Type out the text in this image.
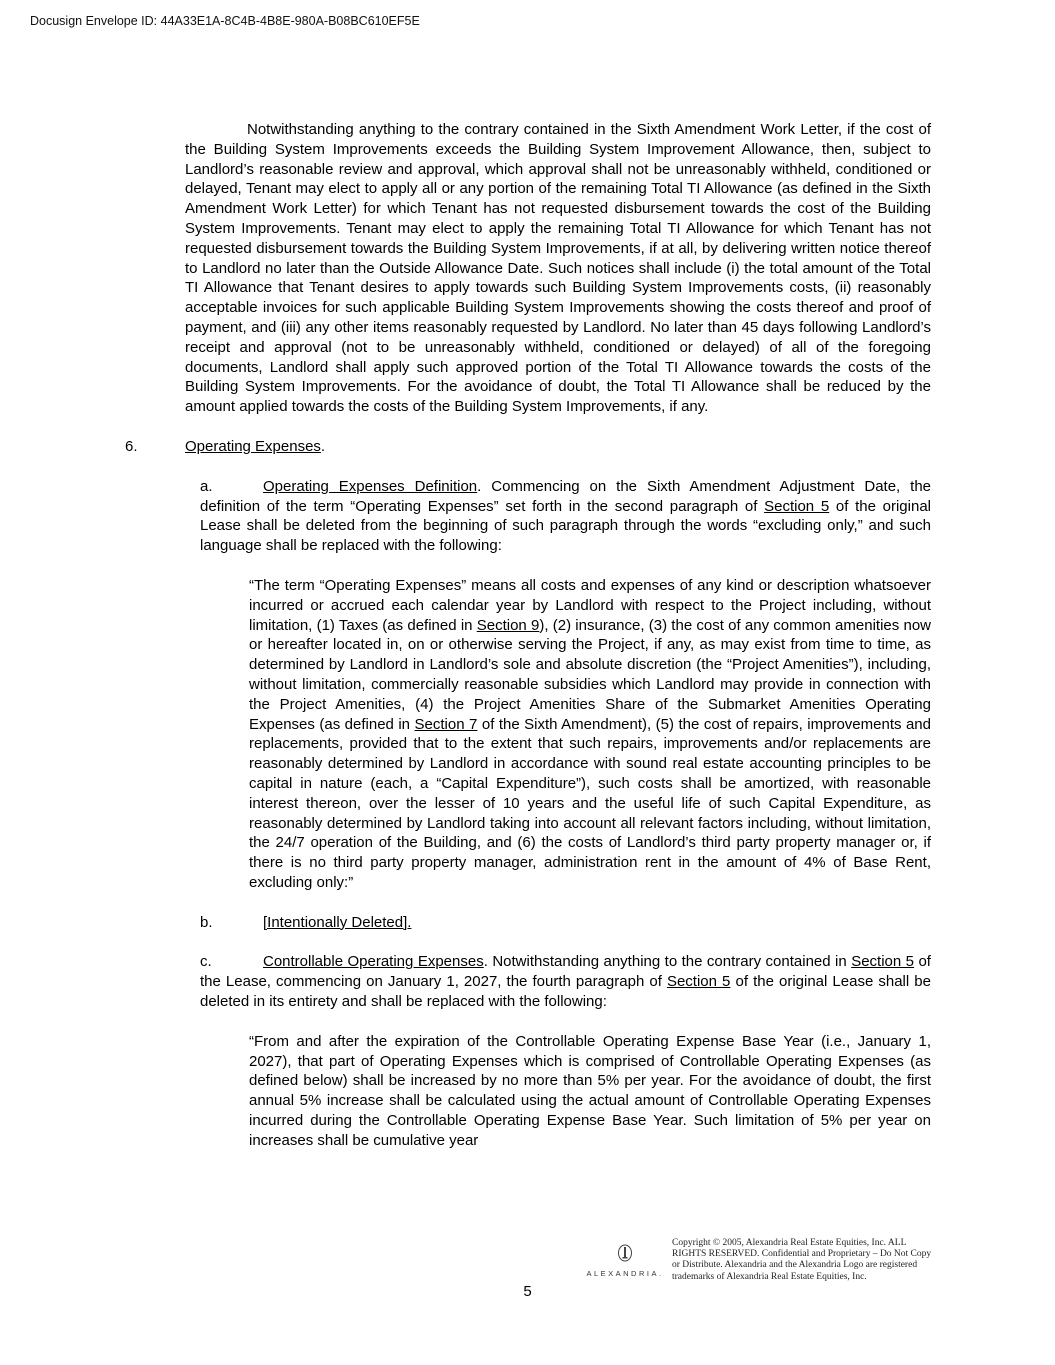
Docusign Envelope ID: 44A33E1A-8C4B-4B8E-980A-B08BC610EF5E

Notwithstanding anything to the contrary contained in the Sixth Amendment Work Letter, if the cost of the Building System Improvements exceeds the Building System Improvement Allowance, then, subject to Landlord’s reasonable review and approval, which approval shall not be unreasonably withheld, conditioned or delayed, Tenant may elect to apply all or any portion of the remaining Total TI Allowance (as defined in the Sixth Amendment Work Letter) for which Tenant has not requested disbursement towards the cost of the Building System Improvements. Tenant may elect to apply the remaining Total TI Allowance for which Tenant has not requested disbursement towards the Building System Improvements, if at all, by delivering written notice thereof to Landlord no later than the Outside Allowance Date. Such notices shall include (i) the total amount of the Total TI Allowance that Tenant desires to apply towards such Building System Improvements costs, (ii) reasonably acceptable invoices for such applicable Building System Improvements showing the costs thereof and proof of payment, and (iii) any other items reasonably requested by Landlord. No later than 45 days following Landlord’s receipt and approval (not to be unreasonably withheld, conditioned or delayed) of all of the foregoing documents, Landlord shall apply such approved portion of the Total TI Allowance towards the costs of the Building System Improvements. For the avoidance of doubt, the Total TI Allowance shall be reduced by the amount applied towards the costs of the Building System Improvements, if any.

6.	Operating Expenses.

a.	Operating Expenses Definition. Commencing on the Sixth Amendment Adjustment Date, the definition of the term “Operating Expenses” set forth in the second paragraph of Section 5 of the original Lease shall be deleted from the beginning of such paragraph through the words “excluding only,” and such language shall be replaced with the following:

“The term “Operating Expenses” means all costs and expenses of any kind or description whatsoever incurred or accrued each calendar year by Landlord with respect to the Project including, without limitation, (1) Taxes (as defined in Section 9), (2) insurance, (3) the cost of any common amenities now or hereafter located in, on or otherwise serving the Project, if any, as may exist from time to time, as determined by Landlord in Landlord’s sole and absolute discretion (the “Project Amenities”), including, without limitation, commercially reasonable subsidies which Landlord may provide in connection with the Project Amenities, (4) the Project Amenities Share of the Submarket Amenities Operating Expenses (as defined in Section 7 of the Sixth Amendment), (5) the cost of repairs, improvements and replacements, provided that to the extent that such repairs, improvements and/or replacements are reasonably determined by Landlord in accordance with sound real estate accounting principles to be capital in nature (each, a “Capital Expenditure”), such costs shall be amortized, with reasonable interest thereon, over the lesser of 10 years and the useful life of such Capital Expenditure, as reasonably determined by Landlord taking into account all relevant factors including, without limitation, the 24/7 operation of the Building, and (6) the costs of Landlord’s third party property manager or, if there is no third party property manager, administration rent in the amount of 4% of Base Rent, excluding only:”

b.	[Intentionally Deleted].

c.	Controllable Operating Expenses. Notwithstanding anything to the contrary contained in Section 5 of the Lease, commencing on January 1, 2027, the fourth paragraph of Section 5 of the original Lease shall be deleted in its entirety and shall be replaced with the following:

“From and after the expiration of the Controllable Operating Expense Base Year (i.e., January 1, 2027), that part of Operating Expenses which is comprised of Controllable Operating Expenses (as defined below) shall be increased by no more than 5% per year. For the avoidance of doubt, the first annual 5% increase shall be calculated using the actual amount of Controllable Operating Expenses incurred during the Controllable Operating Expense Base Year. Such limitation of 5% per year on increases shall be cumulative year

ALEXANDRIA.
Copyright © 2005, Alexandria Real Estate Equities, Inc. ALL RIGHTS RESERVED. Confidential and Proprietary – Do Not Copy or Distribute. Alexandria and the Alexandria Logo are registered trademarks of Alexandria Real Estate Equities, Inc.
5
